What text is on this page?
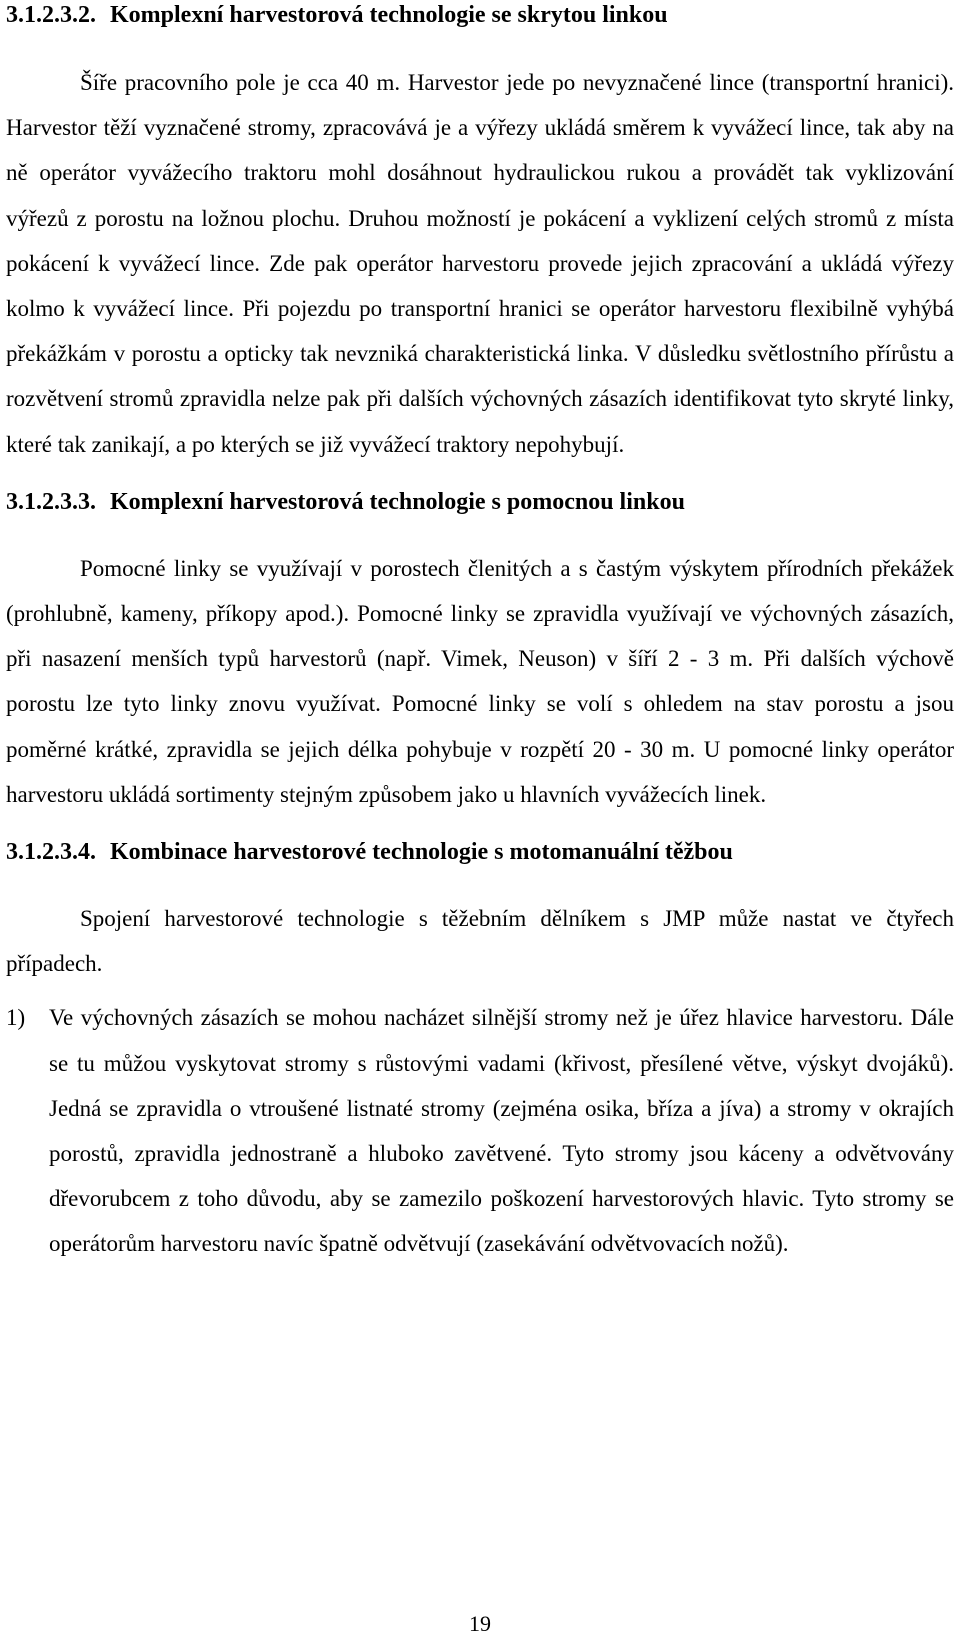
3.1.2.3.2. Komplexní harvestorová technologie se skrytou linkou

Šíře pracovního pole je cca 40 m. Harvestor jede po nevyznačené lince (transportní hranici). Harvestor těží vyznačené stromy, zpracovává je a výřezy ukládá směrem k vyvážecí lince, tak aby na ně operátor vyvážecího traktoru mohl dosáhnout hydraulickou rukou a provádět tak vyklizování výřezů z porostu na ložnou plochu. Druhou možností je pokácení a vyklizení celých stromů z místa pokácení k vyvážecí lince. Zde pak operátor harvestoru provede jejich zpracování a ukládá výřezy kolmo k vyvážecí lince. Při pojezdu po transportní hranici se operátor harvestoru flexibilně vyhýbá překážkám v porostu a opticky tak nevzniká charakteristická linka. V důsledku světlostního přírůstu a rozvětvení stromů zpravidla nelze pak při dalších výchovných zásazích identifikovat tyto skryté linky, které tak zanikají, a po kterých se již vyvážecí traktory nepohybují.

3.1.2.3.3. Komplexní harvestorová technologie s pomocnou linkou

Pomocné linky se využívají v porostech členitých a s častým výskytem přírodních překážek (prohlubně, kameny, příkopy apod.). Pomocné linky se zpravidla využívají ve výchovných zásazích, při nasazení menších typů harvestorů (např. Vimek, Neuson) v šíří 2 - 3 m. Při dalších výchově porostu lze tyto linky znovu využívat. Pomocné linky se volí s ohledem na stav porostu a jsou poměrné krátké, zpravidla se jejich délka pohybuje v rozpětí 20 - 30 m. U pomocné linky operátor harvestoru ukládá sortimenty stejným způsobem jako u hlavních vyvážecích linek.

3.1.2.3.4. Kombinace harvestorové technologie s motomanuální těžbou

Spojení harvestorové technologie s těžebním dělníkem s JMP může nastat ve čtyřech případech.

1) Ve výchovných zásazích se mohou nacházet silnější stromy než je úřez hlavice harvestoru. Dále se tu můžou vyskytovat stromy s růstovými vadami (křivost, přesílené větve, výskyt dvojáků). Jedná se zpravidla o vtroušené listnaté stromy (zejména osika, bříza a jíva) a stromy v okrajích porostů, zpravidla jednostraně a hluboko zavětvené. Tyto stromy jsou káceny a odvětvovány dřevorubcem z toho důvodu, aby se zamezilo poškození harvestorových hlavic. Tyto stromy se operátorům harvestoru navíc špatně odvětvují (zasekávání odvětvovacích nožů).
19
